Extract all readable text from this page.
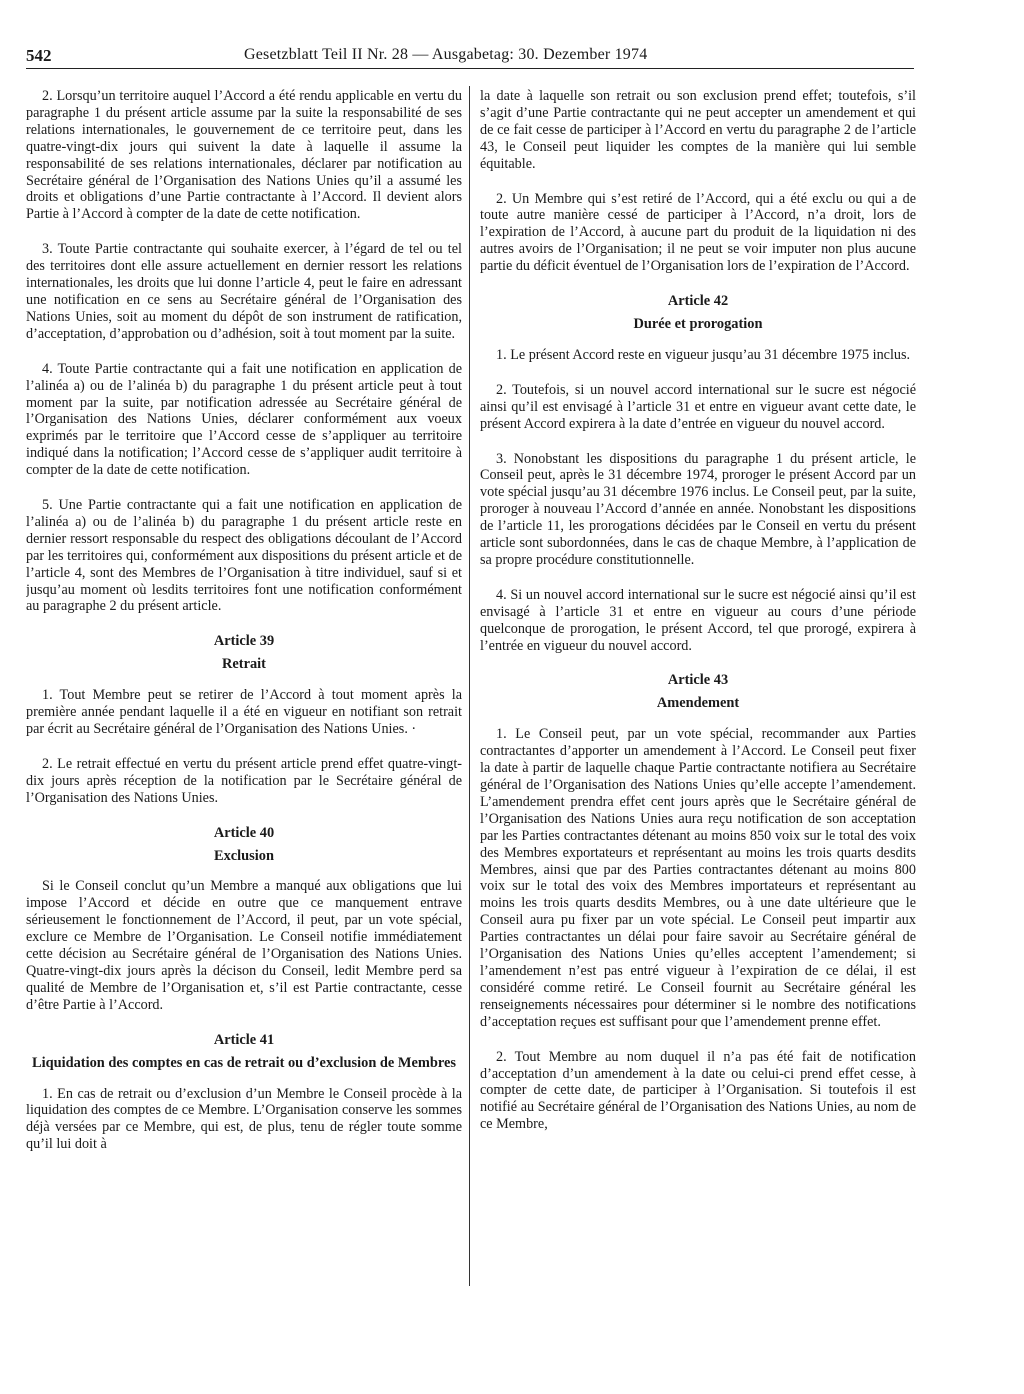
542	Gesetzblatt Teil II Nr. 28 — Ausgabetag: 30. Dezember 1974

2. Lorsqu’un territoire auquel l’Accord a été rendu applicable en vertu du paragraphe 1 du présent article assume par la suite la responsabilité de ses relations internationales, le gouvernement de ce territoire peut, dans les quatre-vingt-dix jours qui suivent la date à laquelle il assume la responsabilité de ses relations internationales, déclarer par notification au Secrétaire général de l’Organisation des Nations Unies qu’il a assumé les droits et obligations d’une Partie contractante à l’Accord. Il devient alors Partie à l’Accord à compter de la date de cette notification.

3. Toute Partie contractante qui souhaite exercer, à l’égard de tel ou tel des territoires dont elle assure actuellement en dernier ressort les relations internationales, les droits que lui donne l’article 4, peut le faire en adressant une notification en ce sens au Secrétaire général de l’Organisation des Nations Unies, soit au moment du dépôt de son instrument de ratification, d’acceptation, d’approbation ou d’adhésion, soit à tout moment par la suite.

4. Toute Partie contractante qui a fait une notification en application de l’alinéa a) ou de l’alinéa b) du paragraphe 1 du présent article peut à tout moment par la suite, par notification adressée au Secrétaire général de l’Organisation des Nations Unies, déclarer conformément aux voeux exprimés par le territoire que l’Accord cesse de s’appliquer au territoire indiqué dans la notification; l’Accord cesse de s’appliquer audit territoire à compter de la date de cette notification.

5. Une Partie contractante qui a fait une notification en application de l’alinéa a) ou de l’alinéa b) du paragraphe 1 du présent article reste en dernier ressort responsable du respect des obligations découlant de l’Accord par les territoires qui, conformément aux dispositions du présent article et de l’article 4, sont des Membres de l’Organisation à titre individuel, sauf si et jusqu’au moment où lesdits territoires font une notification conformément au paragraphe 2 du présent article.

Article 39
Retrait

1. Tout Membre peut se retirer de l’Accord à tout moment après la première année pendant laquelle il a été en vigueur en notifiant son retrait par écrit au Secrétaire général de l’Organisation des Nations Unies. ·

2. Le retrait effectué en vertu du présent article prend effet quatre-vingt-dix jours après réception de la notification par le Secrétaire général de l’Organisation des Nations Unies.

Article 40
Exclusion

Si le Conseil conclut qu’un Membre a manqué aux obligations que lui impose l’Accord et décide en outre que ce manquement entrave sérieusement le fonctionnement de l’Accord, il peut, par un vote spécial, exclure ce Membre de l’Organisation. Le Conseil notifie immédiatement cette décision au Secrétaire général de l’Organisation des Nations Unies. Quatre-vingt-dix jours après la décison du Conseil, ledit Membre perd sa qualité de Membre de l’Organisation et, s’il est Partie contractante, cesse d’être Partie à l’Accord.

Article 41
Liquidation des comptes en cas de retrait ou d’exclusion de Membres

1. En cas de retrait ou d’exclusion d’un Membre le Conseil procède à la liquidation des comptes de ce Membre. L’Organisation conserve les sommes déjà versées par ce Membre, qui est, de plus, tenu de régler toute somme qu’il lui doit à

la date à laquelle son retrait ou son exclusion prend effet; toutefois, s’il s’agit d’une Partie contractante qui ne peut accepter un amendement et qui de ce fait cesse de participer à l’Accord en vertu du paragraphe 2 de l’article 43, le Conseil peut liquider les comptes de la manière qui lui semble équitable.

2. Un Membre qui s’est retiré de l’Accord, qui a été exclu ou qui a de toute autre manière cessé de participer à l’Accord, n’a droit, lors de l’expiration de l’Accord, à aucune part du produit de la liquidation ni des autres avoirs de l’Organisation; il ne peut se voir imputer non plus aucune partie du déficit éventuel de l’Organisation lors de l’expiration de l’Accord.

Article 42
Durée et prorogation

1. Le présent Accord reste en vigueur jusqu’au 31 décembre 1975 inclus.

2. Toutefois, si un nouvel accord international sur le sucre est négocié ainsi qu’il est envisagé à l’article 31 et entre en vigueur avant cette date, le présent Accord expirera à la date d’entrée en vigueur du nouvel accord.

3. Nonobstant les dispositions du paragraphe 1 du présent article, le Conseil peut, après le 31 décembre 1974, proroger le présent Accord par un vote spécial jusqu’au 31 décembre 1976 inclus. Le Conseil peut, par la suite, proroger à nouveau l’Accord d’année en année. Nonobstant les dispositions de l’article 11, les prorogations décidées par le Conseil en vertu du présent article sont subordonnées, dans le cas de chaque Membre, à l’application de sa propre procédure constitutionnelle.

4. Si un nouvel accord international sur le sucre est négocié ainsi qu’il est envisagé à l’article 31 et entre en vigueur au cours d’une période quelconque de prorogation, le présent Accord, tel que prorogé, expirera à l’entrée en vigueur du nouvel accord.

Article 43
Amendement

1. Le Conseil peut, par un vote spécial, recommander aux Parties contractantes d’apporter un amendement à l’Accord. Le Conseil peut fixer la date à partir de laquelle chaque Partie contractante notifiera au Secrétaire général de l’Organisation des Nations Unies qu’elle accepte l’amendement. L’amendement prendra effet cent jours après que le Secrétaire général de l’Organisation des Nations Unies aura reçu notification de son acceptation par les Parties contractantes détenant au moins 850 voix sur le total des voix des Membres exportateurs et représentant au moins les trois quarts desdits Membres, ainsi que par des Parties contractantes détenant au moins 800 voix sur le total des voix des Membres importateurs et représentant au moins les trois quarts desdits Membres, ou à une date ultérieure que le Conseil aura pu fixer par un vote spécial. Le Conseil peut impartir aux Parties contractantes un délai pour faire savoir au Secrétaire général de l’Organisation des Nations Unies qu’elles acceptent l’amendement; si l’amendement n’est pas entré vigueur à l’expiration de ce délai, il est considéré comme retiré. Le Conseil fournit au Secrétaire général les renseignements nécessaires pour déterminer si le nombre des notifications d’acceptation reçues est suffisant pour que l’amendement prenne effet.

2. Tout Membre au nom duquel il n’a pas été fait de notification d’acceptation d’un amendement à la date ou celui-ci prend effet cesse, à compter de cette date, de participer à l’Organisation. Si toutefois il est notifié au Secrétaire général de l’Organisation des Nations Unies, au nom de ce Membre,
